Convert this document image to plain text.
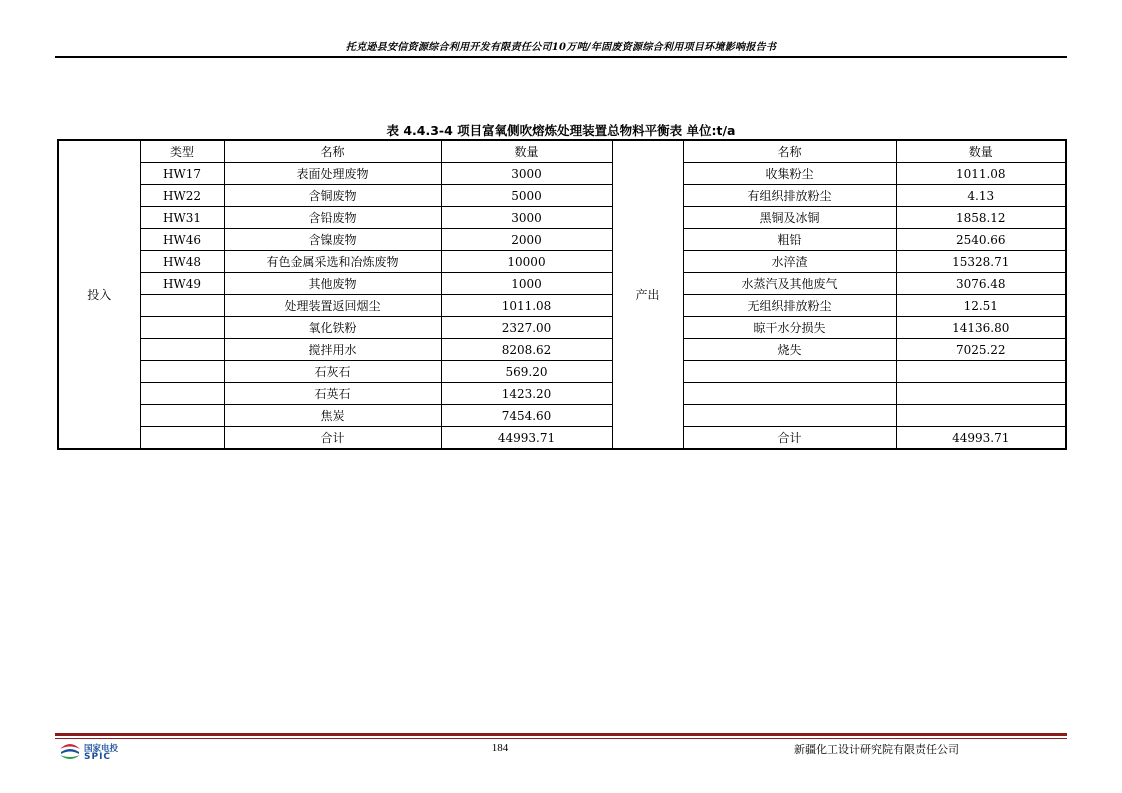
托克逊县安信资源综合利用开发有限责任公司10万吨/年固废资源综合利用项目环境影响报告书
表 4.4.3-4 项目富氧侧吹熔炼处理装置总物料平衡表 单位:t/a
投入	类型	名称	数量	产出	名称	数量
	HW17	表面处理废物	3000		收集粉尘	1011.08
	HW22	含铜废物	5000		有组织排放粉尘	4.13
	HW31	含铅废物	3000		黑铜及冰铜	1858.12
	HW46	含镍废物	2000		粗铅	2540.66
	HW48	有色金属采选和冶炼废物	10000		水淬渣	15328.71
	HW49	其他废物	1000		水蒸汽及其他废气	3076.48
		处理装置返回烟尘	1011.08		无组织排放粉尘	12.51
		氧化铁粉	2327.00		晾干水分损失	14136.80
		搅拌用水	8208.62		烧失	7025.22
		石灰石	569.20			
		石英石	1423.20			
		焦炭	7454.60			
		合计	44993.71		合计	44993.71
国家电投
SPIC
184	新疆化工设计研究院有限责任公司
